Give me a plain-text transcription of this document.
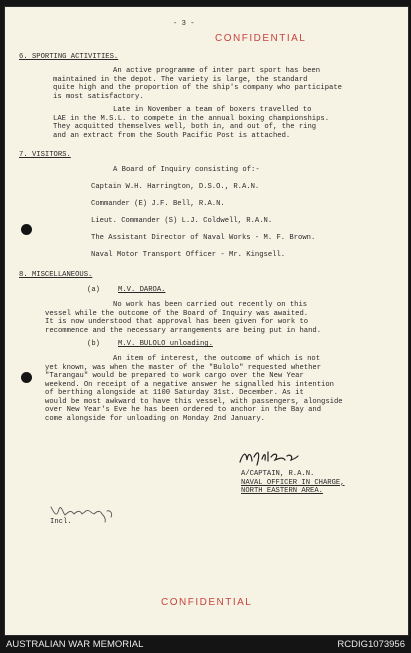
- 3 -
CONFIDENTIAL
6. SPORTING ACTIVITIES.
An active programme of inter part sport has been
maintained in the depot. The variety is large, the standard
quite high and the proportion of the ship's company who participate
is most satisfactory.
Late in November a team of boxers travelled to
LAE in the M.S.L. to compete in the annual boxing championships.
They acquitted themselves well, both in, and out of, the ring
and an extract from the South Pacific Post is attached.
7. VISITORS.
A Board of Inquiry consisting of:-
Captain W.H. Harrington, D.S.O., R.A.N.
Commander (E) J.F. Bell, R.A.N.
Lieut. Commander (S) L.J. Coldwell, R.A.N.
The Assistant Director of Naval Works - M. F. Brown.
Naval Motor Transport Officer - Mr. Kingsell.
8. MISCELLANEOUS.
(a)	M.V. DAROA.
No work has been carried out recently on this
vessel while the outcome of the Board of Inquiry was awaited.
It is now understood that approval has been given for work to
recommence and the necessary arrangements are being put in hand.
(b)	M.V. BULOLO unloading.
An item of interest, the outcome of which is not
yet known, was when the master of the "Bulolo" requested whether
"Tarangau" would be prepared to work cargo over the New Year
weekend. On receipt of a negative answer he signalled his intention
of berthing alongside at 1100 Saturday 31st. December. As it
would be most awkward to have this vessel, with passengers, alongside
over New Year's Eve he has been ordered to anchor in the Bay and
come alongside for unloading on Monday 2nd January.
A/CAPTAIN, R.A.N.
NAVAL OFFICER IN CHARGE,
NORTH EASTERN AREA.
Incl.
CONFIDENTIAL
AUSTRALIAN WAR MEMORIAL	RCDIG1073956
